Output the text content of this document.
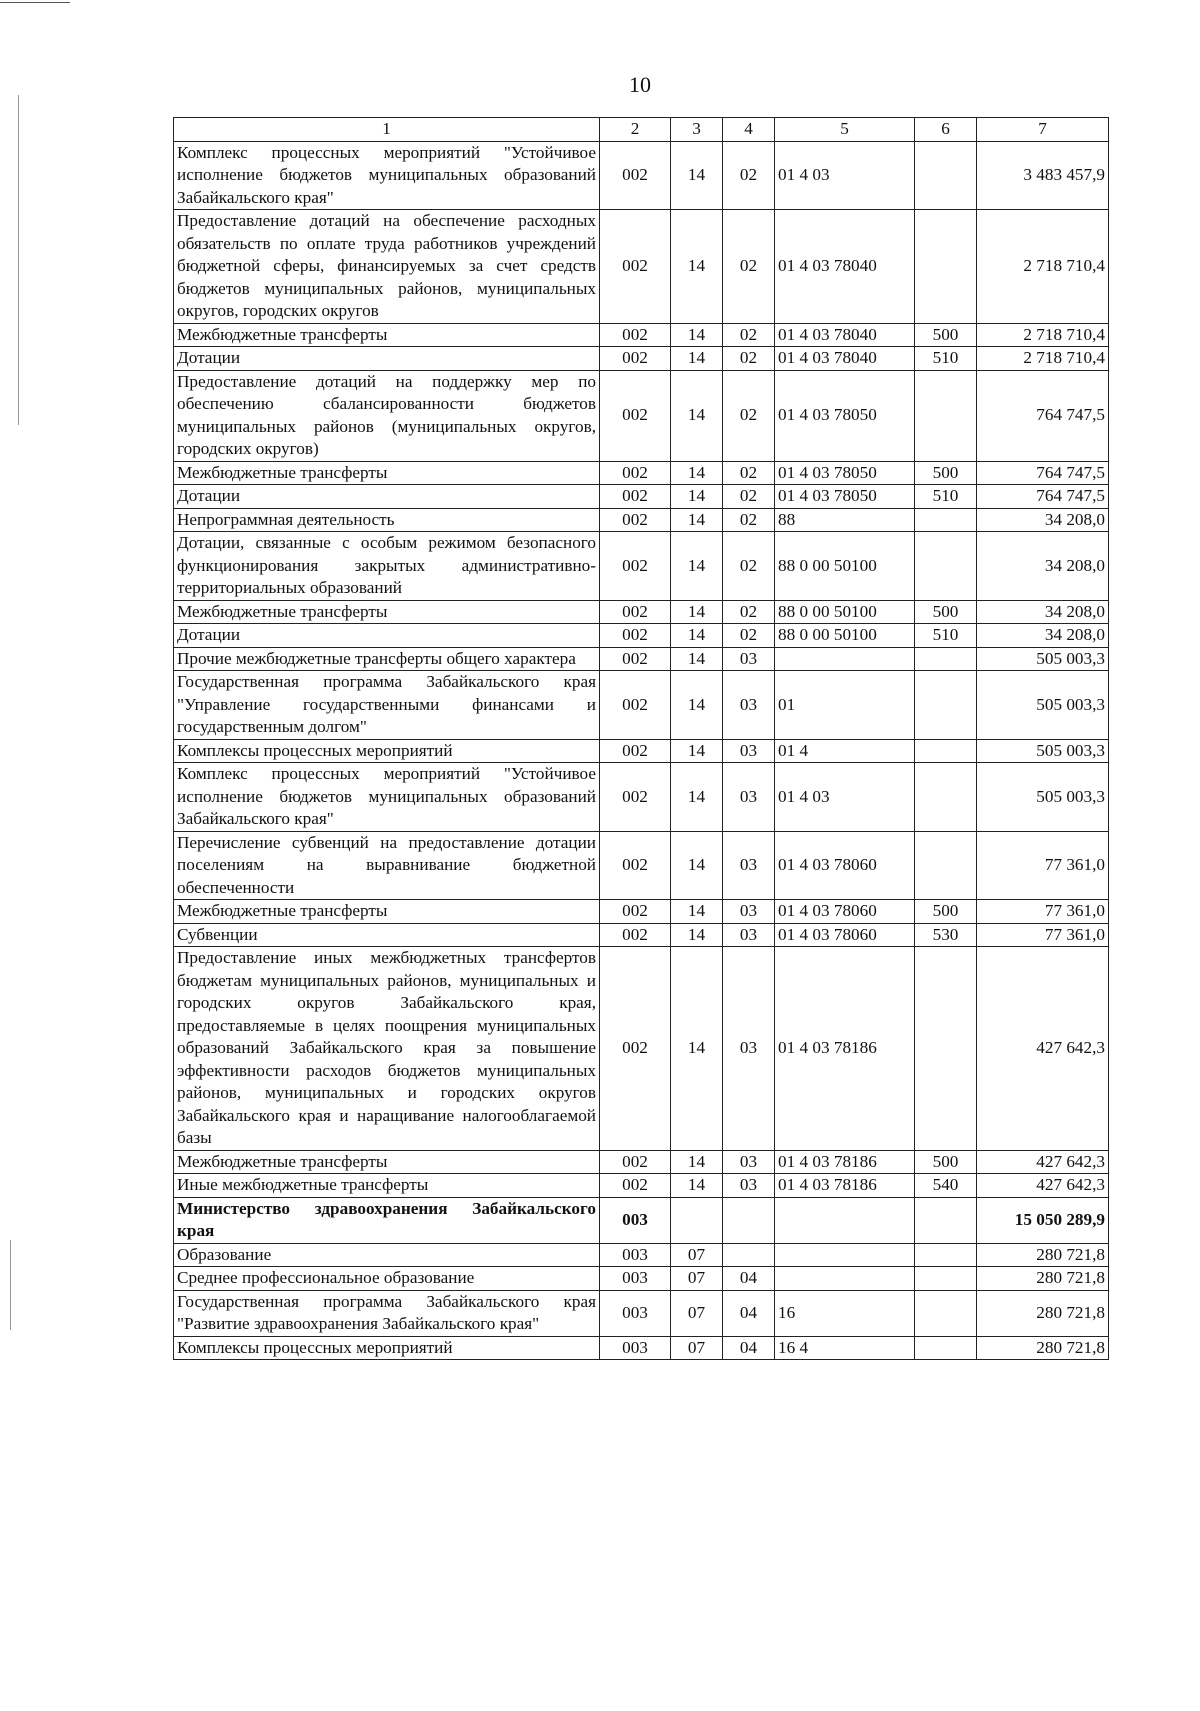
10
1	2	3	4	5	6	7
Комплекс процессных мероприятий "Устойчивое исполнение бюджетов муниципальных образований Забайкальского края"	002	14	02	01 4 03		3 483 457,9
Предоставление дотаций на обеспечение расходных обязательств по оплате труда работников учреждений бюджетной сферы, финансируемых за счет средств бюджетов муниципальных районов, муниципальных округов, городских округов	002	14	02	01 4 03 78040		2 718 710,4
Межбюджетные трансферты	002	14	02	01 4 03 78040	500	2 718 710,4
Дотации	002	14	02	01 4 03 78040	510	2 718 710,4
Предоставление дотаций на поддержку мер по обеспечению сбалансированности бюджетов муниципальных районов (муниципальных округов, городских округов)	002	14	02	01 4 03 78050		764 747,5
Межбюджетные трансферты	002	14	02	01 4 03 78050	500	764 747,5
Дотации	002	14	02	01 4 03 78050	510	764 747,5
Непрограммная деятельность	002	14	02	88		34 208,0
Дотации, связанные с особым режимом безопасного функционирования закрытых административно-территориальных образований	002	14	02	88 0 00 50100		34 208,0
Межбюджетные трансферты	002	14	02	88 0 00 50100	500	34 208,0
Дотации	002	14	02	88 0 00 50100	510	34 208,0
Прочие межбюджетные трансферты общего характера	002	14	03			505 003,3
Государственная программа Забайкальского края "Управление государственными финансами и государственным долгом"	002	14	03	01		505 003,3
Комплексы процессных мероприятий	002	14	03	01 4		505 003,3
Комплекс процессных мероприятий "Устойчивое исполнение бюджетов муниципальных образований Забайкальского края"	002	14	03	01 4 03		505 003,3
Перечисление субвенций на предоставление дотации поселениям на выравнивание бюджетной обеспеченности	002	14	03	01 4 03 78060		77 361,0
Межбюджетные трансферты	002	14	03	01 4 03 78060	500	77 361,0
Субвенции	002	14	03	01 4 03 78060	530	77 361,0
Предоставление иных межбюджетных трансфертов бюджетам муниципальных районов, муниципальных и городских округов Забайкальского края, предоставляемые в целях поощрения муниципальных образований Забайкальского края за повышение эффективности расходов бюджетов муниципальных районов, муниципальных и городских округов Забайкальского края и наращивание налогооблагаемой базы	002	14	03	01 4 03 78186		427 642,3
Межбюджетные трансферты	002	14	03	01 4 03 78186	500	427 642,3
Иные межбюджетные трансферты	002	14	03	01 4 03 78186	540	427 642,3
Министерство здравоохранения Забайкальского края	003					15 050 289,9
Образование	003	07				280 721,8
Среднее профессиональное образование	003	07	04			280 721,8
Государственная программа Забайкальского края "Развитие здравоохранения Забайкальского края"	003	07	04	16		280 721,8
Комплексы процессных мероприятий	003	07	04	16 4		280 721,8
